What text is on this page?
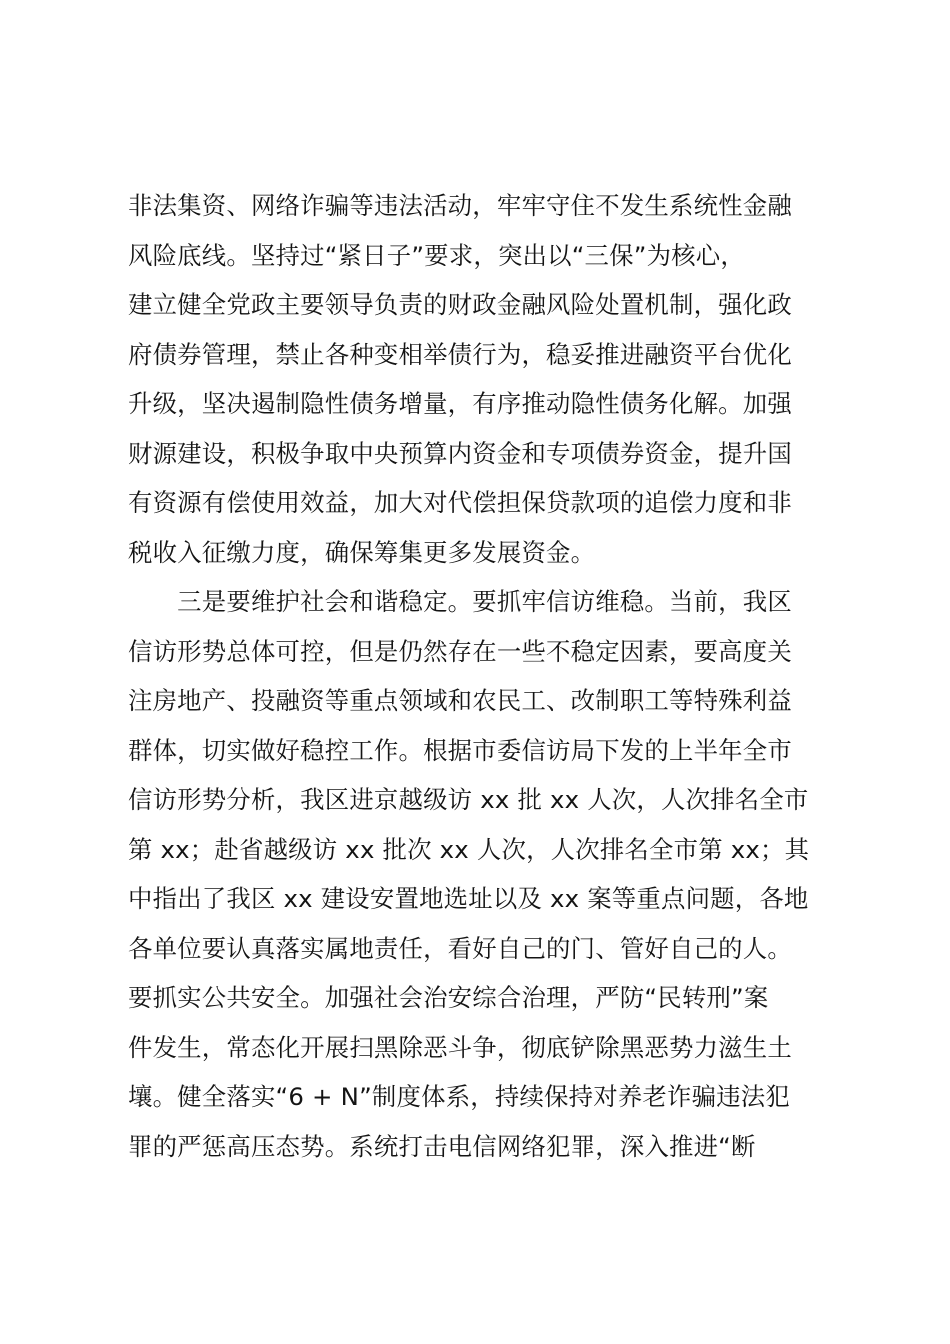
非法集资、网络诈骗等违法活动，牢牢守住不发生系统性金融
风险底线。坚持过“紧日子”要求，突出以“三保”为核心，
建立健全党政主要领导负责的财政金融风险处置机制，强化政
府债券管理，禁止各种变相举债行为，稳妥推进融资平台优化
升级，坚决遏制隐性债务增量，有序推动隐性债务化解。加强
财源建设，积极争取中央预算内资金和专项债券资金，提升国
有资源有偿使用效益，加大对代偿担保贷款项的追偿力度和非
税收入征缴力度，确保筹集更多发展资金。
　　三是要维护社会和谐稳定。要抓牢信访维稳。当前，我区
信访形势总体可控，但是仍然存在一些不稳定因素，要高度关
注房地产、投融资等重点领域和农民工、改制职工等特殊利益
群体，切实做好稳控工作。根据市委信访局下发的上半年全市
信访形势分析，我区进京越级访 xx 批 xx 人次，人次排名全市
第 xx；赴省越级访 xx 批次 xx 人次，人次排名全市第 xx；其
中指出了我区 xx 建设安置地选址以及 xx 案等重点问题，各地
各单位要认真落实属地责任，看好自己的门、管好自己的人。
要抓实公共安全。加强社会治安综合治理，严防“民转刑”案
件发生，常态化开展扫黑除恶斗争，彻底铲除黑恶势力滋生土
壤。健全落实“6 + N”制度体系，持续保持对养老诈骗违法犯
罪的严惩高压态势。系统打击电信网络犯罪，深入推进“断
